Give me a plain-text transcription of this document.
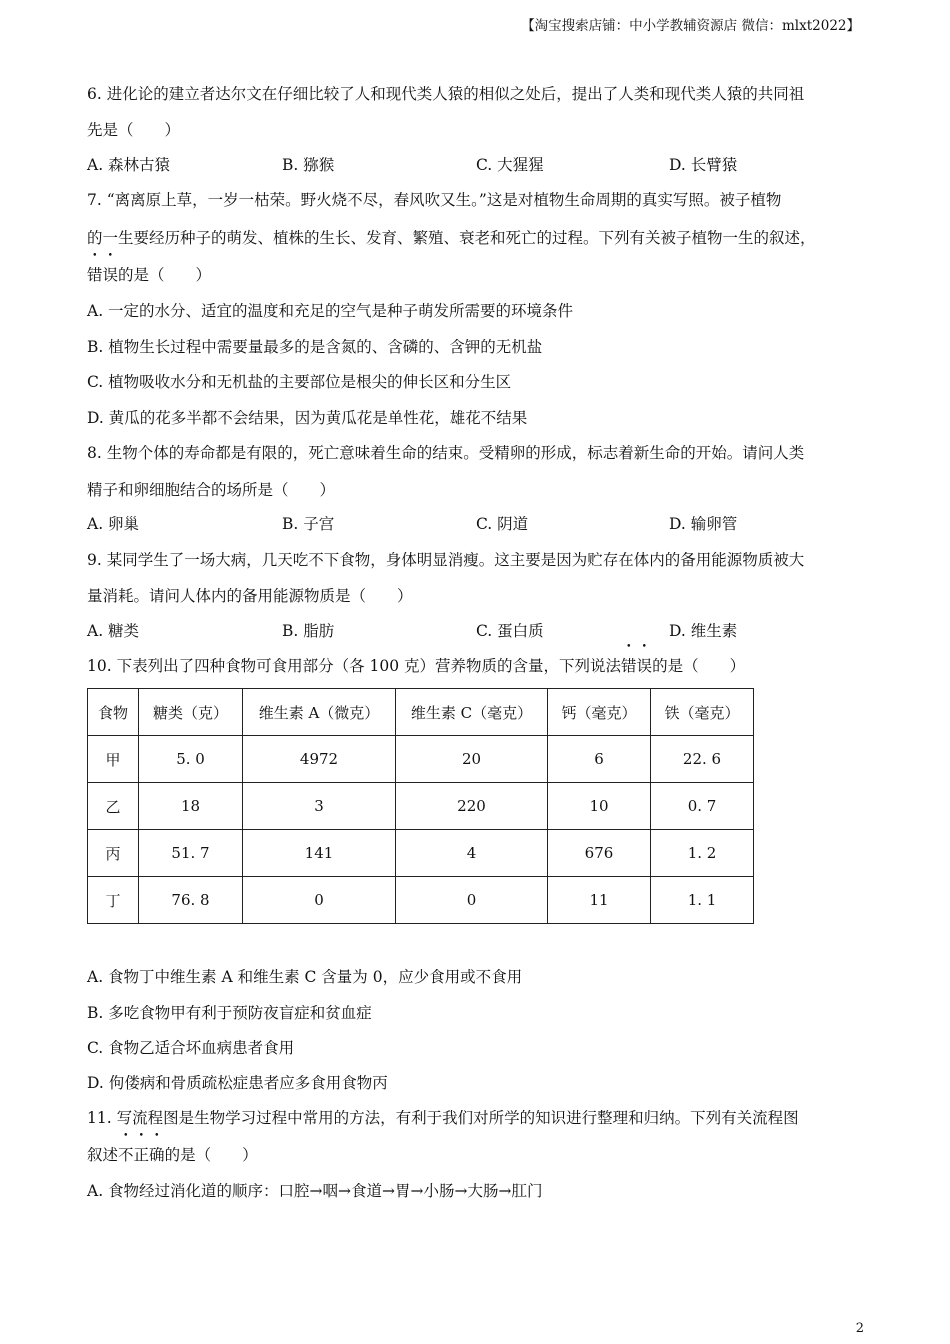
【淘宝搜索店铺：中小学教辅资源店 微信：mlxt2022】
6. 进化论的建立者达尔文在仔细比较了人和现代类人猿的相似之处后，提出了人类和现代类人猿的共同祖
先是（　　）
A. 森林古猿	B. 猕猴	C. 大猩猩	D. 长臂猿
7. “离离原上草，一岁一枯荣。野火烧不尽，春风吹又生。”这是对植物生命周期的真实写照。被子植物
的一生要经历种子的萌发、植株的生长、发育、繁殖、衰老和死亡的过程。下列有关被子植物一生的叙述，
错误的是（　　）
A. 一定的水分、适宜的温度和充足的空气是种子萌发所需要的环境条件
B. 植物生长过程中需要量最多的是含氮的、含磷的、含钾的无机盐
C. 植物吸收水分和无机盐的主要部位是根尖的伸长区和分生区
D. 黄瓜的花多半都不会结果，因为黄瓜花是单性花，雄花不结果
8. 生物个体的寿命都是有限的，死亡意味着生命的结束。受精卵的形成，标志着新生命的开始。请问人类
精子和卵细胞结合的场所是（　　）
A. 卵巢	B. 子宫	C. 阴道	D. 输卵管
9. 某同学生了一场大病，几天吃不下食物，身体明显消瘦。这主要是因为贮存在体内的备用能源物质被大
量消耗。请问人体内的备用能源物质是（　　）
A. 糖类	B. 脂肪	C. 蛋白质	D. 维生素
10. 下表列出了四种食物可食用部分（各 100 克）营养物质的含量，下列说法错误的是（　　）
食物	糖类（克）	维生素 A（微克）	维生素 C（毫克）	钙（毫克）	铁（毫克）
甲	5. 0	4972	20	6	22. 6
乙	18	3	220	10	0. 7
丙	51. 7	141	4	676	1. 2
丁	76. 8	0	0	11	1. 1
A. 食物丁中维生素 A 和维生素 C 含量为 0，应少食用或不食用
B. 多吃食物甲有利于预防夜盲症和贫血症
C. 食物乙适合坏血病患者食用
D. 佝偻病和骨质疏松症患者应多食用食物丙
11. 写流程图是生物学习过程中常用的方法，有利于我们对所学的知识进行整理和归纳。下列有关流程图
叙述不正确的是（　　）
A. 食物经过消化道的顺序：口腔→咽→食道→胃→小肠→大肠→肛门
2
